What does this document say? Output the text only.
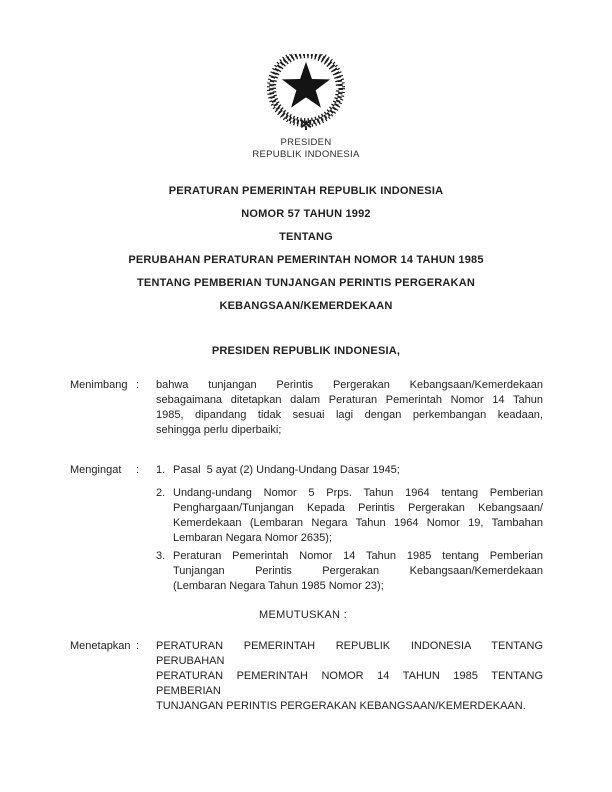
PRESIDEN
REPUBLIK INDONESIA
PERATURAN PEMERINTAH REPUBLIK INDONESIA
NOMOR 57 TAHUN 1992
TENTANG
PERUBAHAN PERATURAN PEMERINTAH NOMOR 14 TAHUN 1985
TENTANG PEMBERIAN TUNJANGAN PERINTIS PERGERAKAN
KEBANGSAAN/KEMERDEKAAN
PRESIDEN REPUBLIK INDONESIA,
Menimbang : bahwa tunjangan Perintis Pergerakan Kebangsaan/Kemerdekaan
sebagaimana ditetapkan dalam Peraturan Pemerintah Nomor 14 Tahun
1985, dipandang tidak sesuai lagi dengan perkembangan keadaan,
sehingga perlu diperbaiki;
Mengingat : 1. Pasal  5 ayat (2) Undang-Undang Dasar 1945;
2. Undang-undang Nomor 5 Prps. Tahun 1964 tentang Pemberian
Penghargaan/Tunjangan Kepada Perintis Pergerakan Kebangsaan/
Kemerdekaan (Lembaran Negara Tahun 1964 Nomor 19, Tambahan
Lembaran Negara Nomor 2635);
3. Peraturan Pemerintah Nomor 14 Tahun 1985 tentang Pemberian
Tunjangan Perintis Pergerakan Kebangsaan/Kemerdekaan
(Lembaran Negara Tahun 1985 Nomor 23);
MEMUTUSKAN :
Menetapkan : PERATURAN PEMERINTAH REPUBLIK INDONESIA TENTANG PERUBAHAN
PERATURAN PEMERINTAH NOMOR 14 TAHUN 1985 TENTANG PEMBERIAN
TUNJANGAN PERINTIS PERGERAKAN KEBANGSAAN/KEMERDEKAAN.
